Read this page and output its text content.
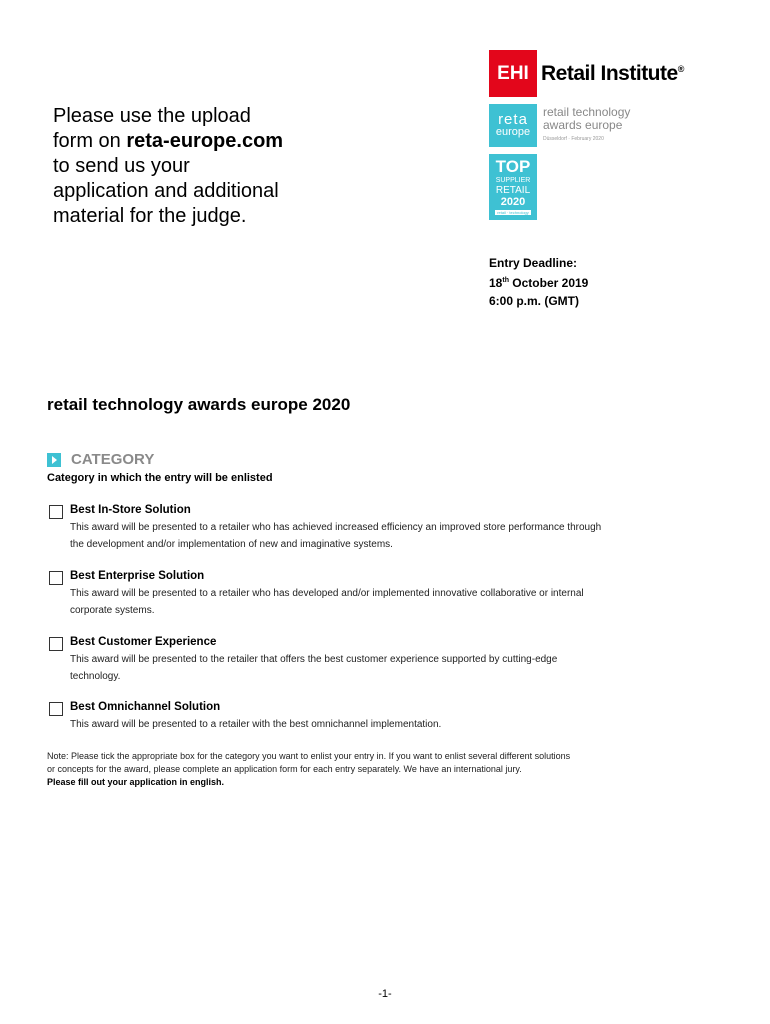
Please use the upload
form on reta-europe.com
to send us your
application and additional
material for the judge.
EHI Retail Institute®
reta
europe
retail technology
awards europe
Düsseldorf · February 2020
TOP
SUPPLIER
RETAIL
2020
retail · technology
Entry Deadline:
18th October 2019
6:00 p.m. (GMT)
retail technology awards europe 2020
CATEGORY
Category in which the entry will be enlisted
Best In-Store Solution
This award will be presented to a retailer who has achieved increased efficiency an improved store performance through
the development and/or implementation of new and imaginative systems.
Best Enterprise Solution
This award will be presented to a retailer who has developed and/or implemented innovative collaborative or internal
corporate systems.
Best Customer Experience
This award will be presented to the retailer that offers the best customer experience supported by cutting-edge
technology.
Best Omnichannel Solution
This award will be presented to a retailer with the best omnichannel implementation.
Note: Please tick the appropriate box for the category you want to enlist your entry in. If you want to enlist several different solutions
or concepts for the award, please complete an application form for each entry separately. We have an international jury.
Please fill out your application in english.
-1-
